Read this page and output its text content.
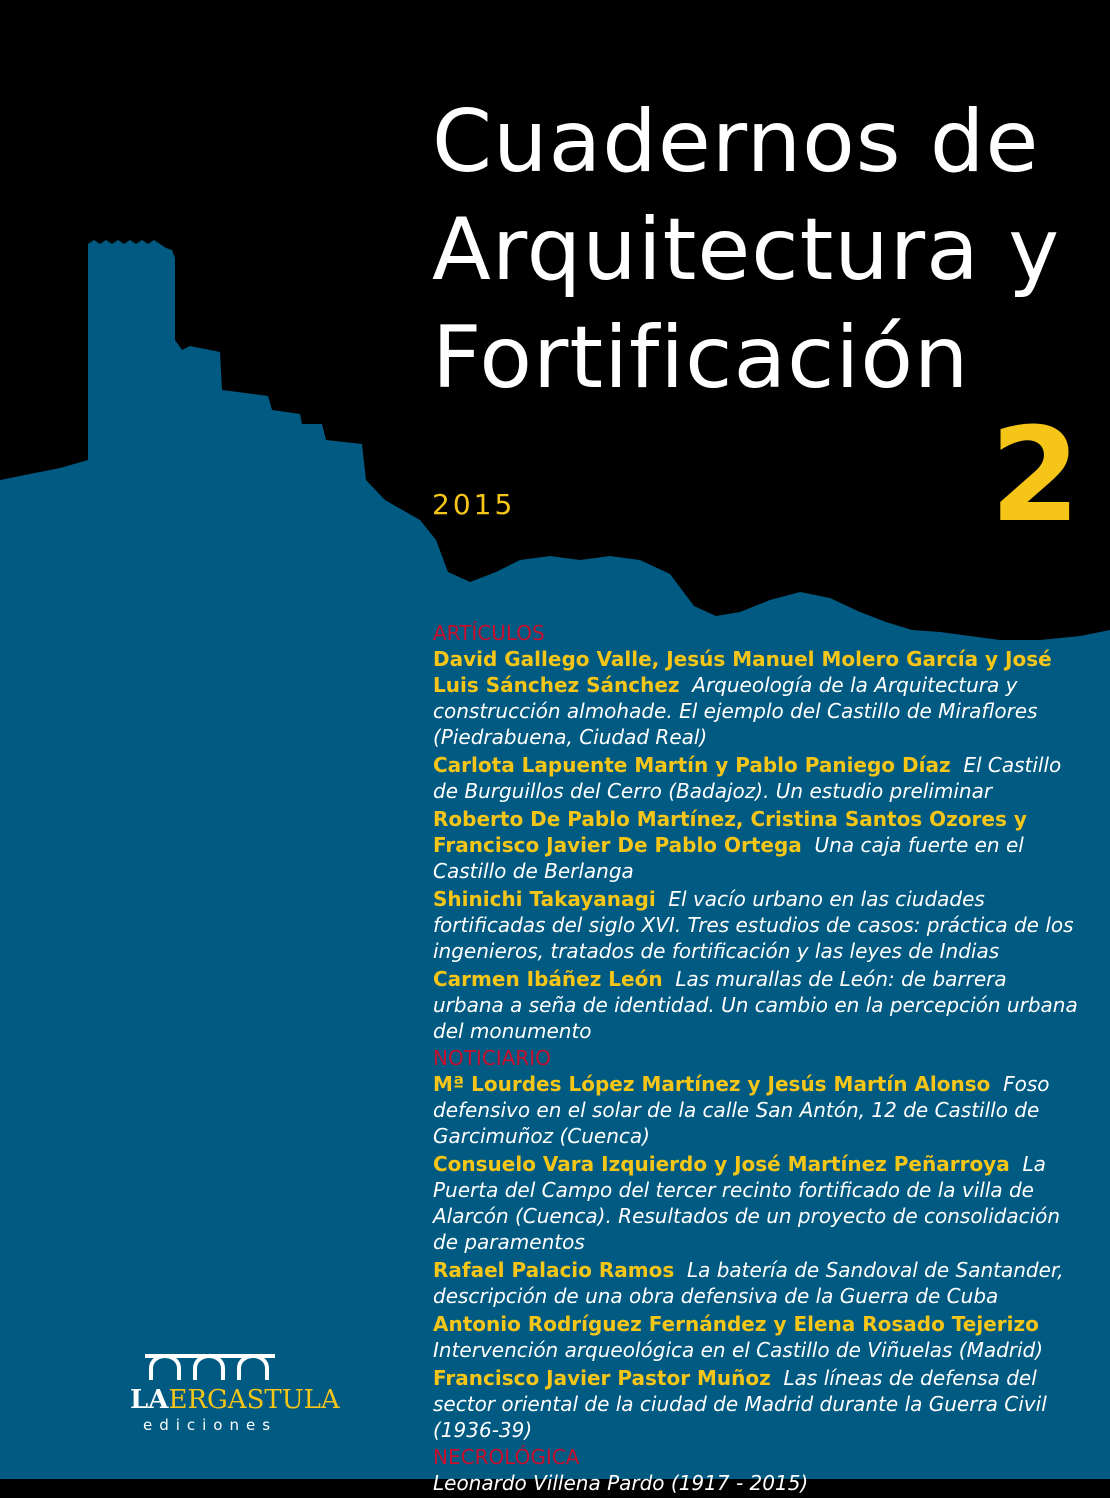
Cuadernos de
Arquitectura y
Fortificación
2015	2
ARTÍCULOS
David Gallego Valle, Jesús Manuel Molero García y José Luis Sánchez Sánchez Arqueología de la Arquitectura y construcción almohade. El ejemplo del Castillo de Miraflores (Piedrabuena, Ciudad Real)
Carlota Lapuente Martín y Pablo Paniego Díaz El Castillo de Burguillos del Cerro (Badajoz). Un estudio preliminar
Roberto De Pablo Martínez, Cristina Santos Ozores y Francisco Javier De Pablo Ortega Una caja fuerte en el Castillo de Berlanga
Shinichi Takayanagi El vacío urbano en las ciudades fortificadas del siglo XVI. Tres estudios de casos: práctica de los ingenieros, tratados de fortificación y las leyes de Indias
Carmen Ibáñez León Las murallas de León: de barrera urbana a seña de identidad. Un cambio en la percepción urbana del monumento
NOTICIARIO
Mª Lourdes López Martínez y Jesús Martín Alonso Foso defensivo en el solar de la calle San Antón, 12 de Castillo de Garcimuñoz (Cuenca)
Consuelo Vara Izquierdo y José Martínez Peñarroya La Puerta del Campo del tercer recinto fortificado de la villa de Alarcón (Cuenca). Resultados de un proyecto de consolidación de paramentos
Rafael Palacio Ramos La batería de Sandoval de Santander, descripción de una obra defensiva de la Guerra de Cuba
Antonio Rodríguez Fernández y Elena Rosado Tejerizo  Intervención arqueológica en el Castillo de Viñuelas (Madrid)
Francisco Javier Pastor Muñoz Las líneas de defensa del sector oriental de la ciudad de Madrid durante la Guerra Civil (1936-39)
NECROLÓGICA
Leonardo Villena Pardo (1917 - 2015)
LAERGASTULA
ediciones
